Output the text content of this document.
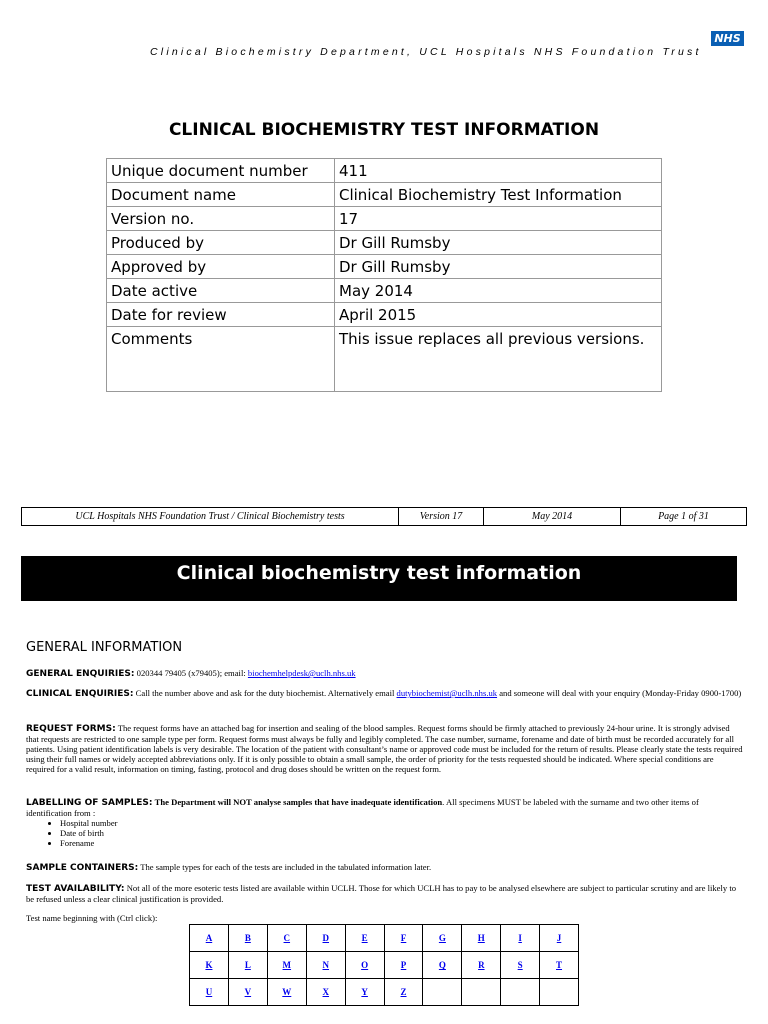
NHS
Clinical Biochemistry Department, UCL Hospitals NHS Foundation Trust
CLINICAL BIOCHEMISTRY TEST INFORMATION
Unique document number	411
Document name	Clinical Biochemistry Test Information
Version no.	17
Produced by	Dr Gill Rumsby
Approved by	Dr Gill Rumsby
Date active	May 2014
Date for review	April 2015
Comments	This issue replaces all previous versions.
UCL Hospitals NHS Foundation Trust / Clinical Biochemistry tests	Version 17	May 2014	Page 1 of 31
Clinical biochemistry test information
GENERAL INFORMATION
GENERAL ENQUIRIES: 020344 79405 (x79405); email: biochemhelpdesk@uclh.nhs.uk
CLINICAL ENQUIRIES: Call the number above and ask for the duty biochemist. Alternatively email dutybiochemist@uclh.nhs.uk and someone will deal with your enquiry (Monday-Friday 0900-1700)
REQUEST FORMS: The request forms have an attached bag for insertion and sealing of the blood samples. Request forms should be firmly attached to previously 24-hour urine. It is strongly advised that requests are restricted to one sample type per form. Request forms must always be fully and legibly completed. The case number, surname, forename and date of birth must be recorded accurately for all patients. Using patient identification labels is very desirable. The location of the patient with consultant’s name or approved code must be included for the return of results. Please clearly state the tests required using their full names or widely accepted abbreviations only. If it is only possible to obtain a small sample, the order of priority for the tests requested should be indicated. Where special conditions are required for a valid result, information on timing, fasting, protocol and drug doses should be written on the request form.
LABELLING OF SAMPLES: The Department will NOT analyse samples that have inadequate identification. All specimens MUST be labeled with the surname and two other items of identification from :
• Hospital number
• Date of birth
• Forename
SAMPLE CONTAINERS: The sample types for each of the tests are included in the tabulated information later.
TEST AVAILABILITY: Not all of the more esoteric tests listed are available within UCLH. Those for which UCLH has to pay to be analysed elsewhere are subject to particular scrutiny and are likely to be refused unless a clear clinical justification is provided.
Test name beginning with (Ctrl click):
A	B	C	D	E	F	G	H	I	J
K	L	M	N	O	P	Q	R	S	T
U	V	W	X	Y	Z				
